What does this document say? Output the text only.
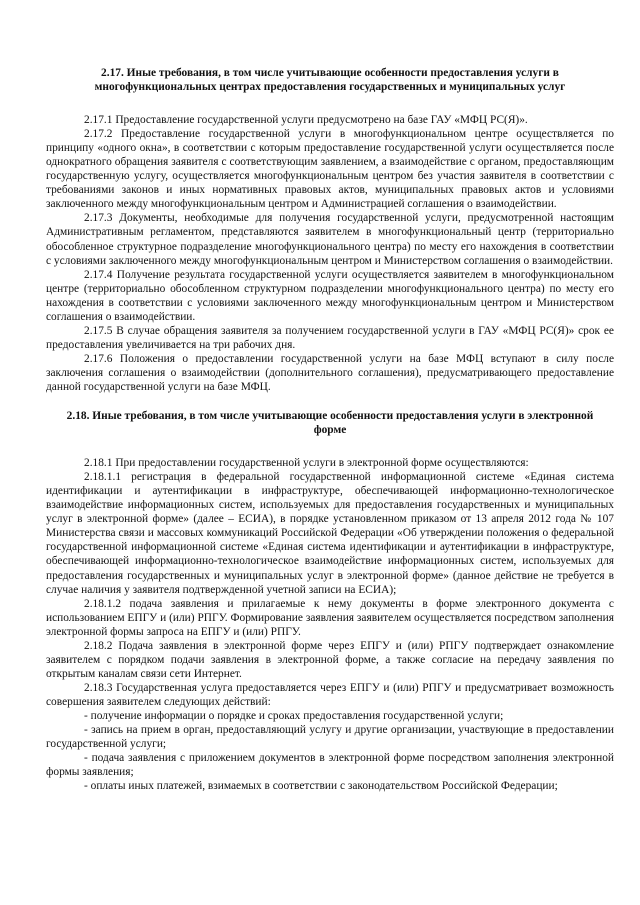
2.17. Иные требования, в том числе учитывающие особенности предоставления услуги в многофункциональных центрах предоставления государственных и муниципальных услуг

2.17.1 Предоставление государственной услуги предусмотрено на базе ГАУ «МФЦ РС(Я)».

2.17.2 Предоставление государственной услуги в многофункциональном центре осуществляется по принципу «одного окна», в соответствии с которым предоставление государственной услуги осуществляется после однократного обращения заявителя с соответствующим заявлением, а взаимодействие с органом, предоставляющим государственную услугу, осуществляется многофункциональным центром без участия заявителя в соответствии с требованиями законов и иных нормативных правовых актов, муниципальных правовых актов и условиями заключенного между многофункциональным центром и Администрацией соглашения о взаимодействии.

2.17.3 Документы, необходимые для получения государственной услуги, предусмотренной настоящим Административным регламентом, представляются заявителем в многофункциональный центр (территориально обособленное структурное подразделение многофункционального центра) по месту его нахождения в соответствии с условиями заключенного между многофункциональным центром и Министерством соглашения о взаимодействии.

2.17.4 Получение результата государственной услуги осуществляется заявителем в многофункциональном центре (территориально обособленном структурном подразделении многофункционального центра) по месту его нахождения в соответствии с условиями заключенного между многофункциональным центром и Министерством соглашения о взаимодействии.

2.17.5 В случае обращения заявителя за получением государственной услуги в ГАУ «МФЦ РС(Я)» срок ее предоставления увеличивается на три рабочих дня.

2.17.6 Положения о предоставлении государственной услуги на базе МФЦ вступают в силу после заключения соглашения о взаимодействии (дополнительного соглашения), предусматривающего предоставление данной государственной услуги на базе МФЦ.

2.18. Иные требования, в том числе учитывающие особенности предоставления услуги в электронной форме

2.18.1 При предоставлении государственной услуги в электронной форме осуществляются:

2.18.1.1 регистрация в федеральной государственной информационной системе «Единая система идентификации и аутентификации в инфраструктуре, обеспечивающей информационно-технологическое взаимодействие информационных систем, используемых для предоставления государственных и муниципальных услуг в электронной форме» (далее – ЕСИА), в порядке установленном приказом от 13 апреля 2012 года № 107 Министерства связи и массовых коммуникаций Российской Федерации «Об утверждении положения о федеральной государственной информационной системе «Единая система идентификации и аутентификации в инфраструктуре, обеспечивающей информационно-технологическое взаимодействие информационных систем, используемых для предоставления государственных и муниципальных услуг в электронной форме» (данное действие не требуется в случае наличия у заявителя подтвержденной учетной записи на ЕСИА);

2.18.1.2 подача заявления и прилагаемые к нему документы в форме электронного документа с использованием ЕПГУ и (или) РПГУ. Формирование заявления заявителем осуществляется посредством заполнения электронной формы запроса на ЕПГУ и (или) РПГУ.

2.18.2 Подача заявления в электронной форме через ЕПГУ и (или) РПГУ подтверждает ознакомление заявителем с порядком подачи заявления в электронной форме, а также согласие на передачу заявления по открытым каналам связи сети Интернет.

2.18.3 Государственная услуга предоставляется через ЕПГУ и (или) РПГУ и предусматривает возможность совершения заявителем следующих действий:

- получение информации о порядке и сроках предоставления государственной услуги;

- запись на прием в орган, предоставляющий услугу и другие организации, участвующие в предоставлении государственной услуги;

- подача заявления с приложением документов в электронной форме посредством заполнения электронной формы заявления;

- оплаты иных платежей, взимаемых в соответствии с законодательством Российской Федерации;
